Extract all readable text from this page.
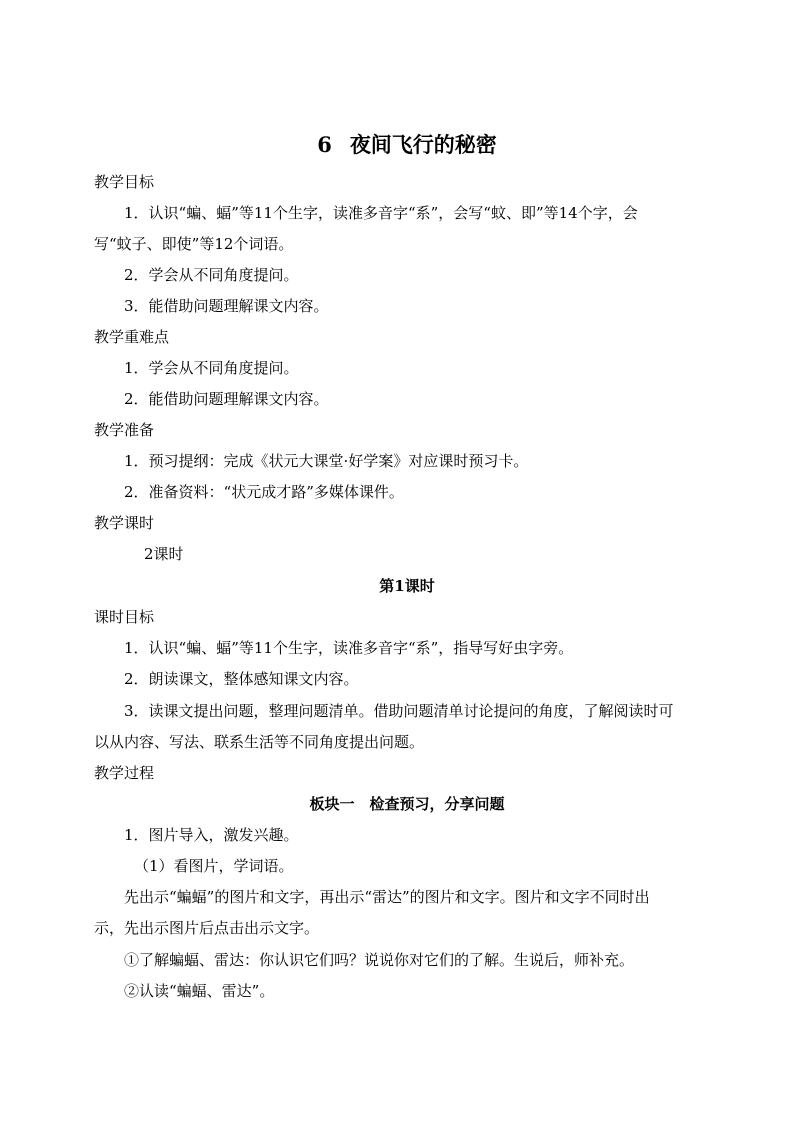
6 夜间飞行的秘密
教学目标
1．认识“蝙、蝠”等11个生字，读准多音字“系”，会写“蚊、即”等14个字，会
写“蚊子、即使”等12个词语。
2．学会从不同角度提问。
3．能借助问题理解课文内容。
教学重难点
1．学会从不同角度提问。
2．能借助问题理解课文内容。
教学准备
1．预习提纲：完成《状元大课堂·好学案》对应课时预习卡。
2．准备资料：“状元成才路”多媒体课件。
教学课时
2课时
第1课时
课时目标
1．认识“蝙、蝠”等11个生字，读准多音字“系”，指导写好虫字旁。
2．朗读课文，整体感知课文内容。
3．读课文提出问题，整理问题清单。借助问题清单讨论提问的角度，了解阅读时可
以从内容、写法、联系生活等不同角度提出问题。
教学过程
板块一　检查预习，分享问题
1．图片导入，激发兴趣。
（1）看图片，学词语。
先出示“蝙蝠”的图片和文字，再出示“雷达”的图片和文字。图片和文字不同时出
示，先出示图片后点击出示文字。
①了解蝙蝠、雷达：你认识它们吗？说说你对它们的了解。生说后，师补充。
②认读“蝙蝠、雷达”。
